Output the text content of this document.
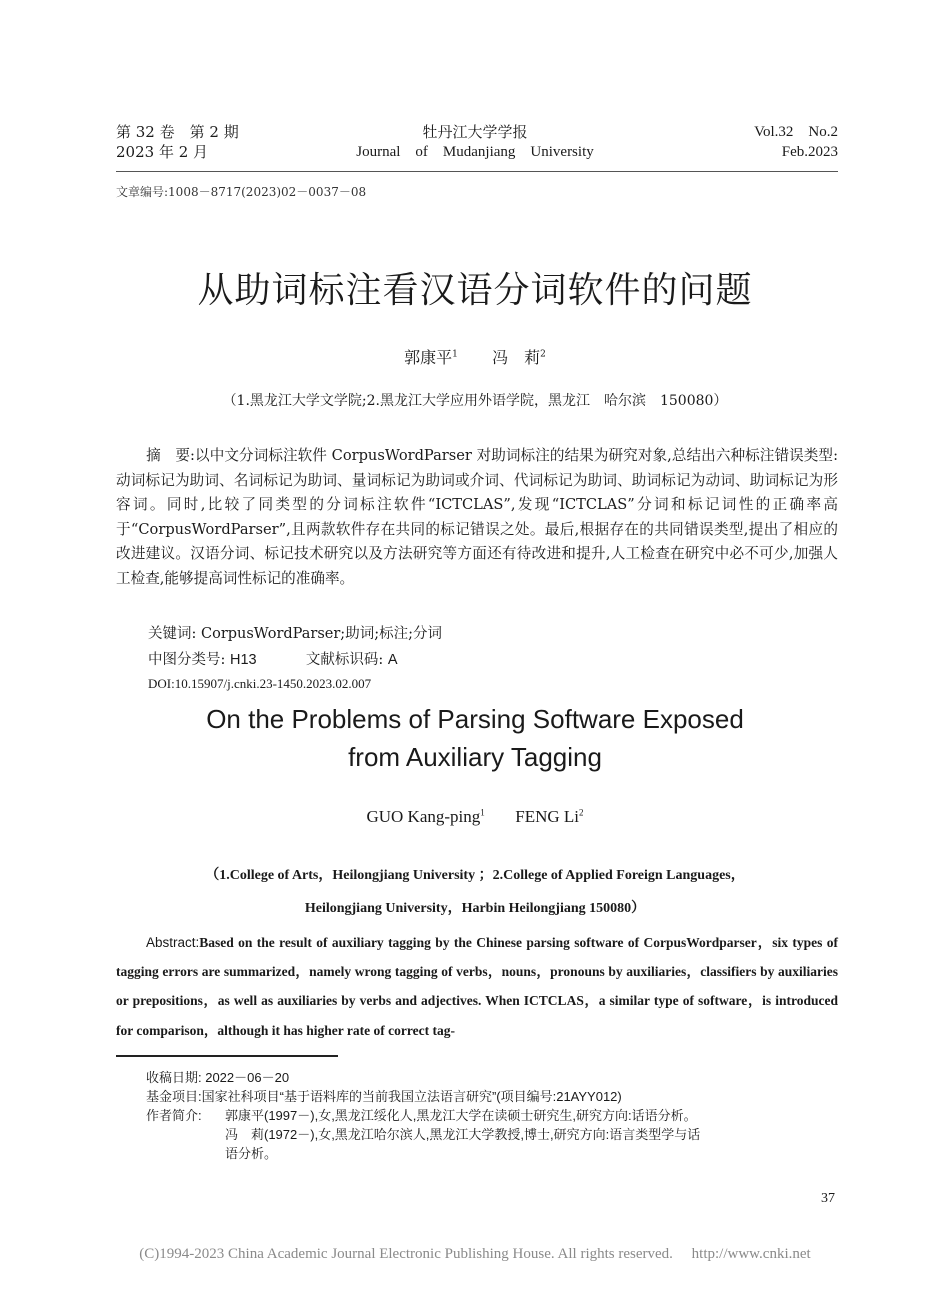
第 32 卷　第 2 期
2023 年 2 月
牡丹江大学学报
Journal　of　Mudanjiang　University
Vol.32　No.2
Feb.2023
文章编号:1008－8717(2023)02－0037－08
从助词标注看汉语分词软件的问题
郭康平$^1$ 冯　莉$^2$
（1.黑龙江大学文学院;2.黑龙江大学应用外语学院，黑龙江　哈尔滨　150080）
摘　要:以中文分词标注软件 CorpusWordParser 对助词标注的结果为研究对象,总结出六种标注错误类型:动词标记为助词、名词标记为助词、量词标记为助词或介词、代词标记为助词、助词标记为动词、助词标记为形容词。同时,比较了同类型的分词标注软件“ICTCLAS”,发现“ICTCLAS”分词和标记词性的正确率高于“CorpusWordParser”,且两款软件存在共同的标记错误之处。最后,根据存在的共同错误类型,提出了相应的改进建议。汉语分词、标记技术研究以及方法研究等方面还有待改进和提升,人工检查在研究中必不可少,加强人工检查,能够提高词性标记的准确率。
关键词: CorpusWordParser;助词;标注;分词
中图分类号: H13	文献标识码: A
DOI:10.15907/j.cnki.23-1450.2023.02.007
On the Problems of Parsing Software Exposed
from Auxiliary Tagging
GUO Kang-ping$^1$ FENG Li$^2$
（1.College of Arts，Heilongjiang University ；2.College of Applied Foreign Languages，
Heilongjiang University，Harbin Heilongjiang 150080）
Abstract:Based on the result of auxiliary tagging by the Chinese parsing software of CorpusWordparser，six types of tagging errors are summarized，namely wrong tagging of verbs，nouns，pronouns by auxiliaries，classifiers by auxiliaries or prepositions，as well as auxiliaries by verbs and adjectives. When ICTCLAS，a similar type of software，is introduced for comparison，although it has higher rate of correct tag-
收稿日期: 2022－06－20
基金项目:国家社科项目“基于语料库的当前我国立法语言研究”(项目编号:21AYY012)
作者简介: 郭康平(1997－),女,黑龙江绥化人,黑龙江大学在读硕士研究生,研究方向:话语分析。
冯　莉(1972－),女,黑龙江哈尔滨人,黑龙江大学教授,博士,研究方向:语言类型学与话
语分析。
37
(C)1994-2023 China Academic Journal Electronic Publishing House. All rights reserved.　 http://www.cnki.net
